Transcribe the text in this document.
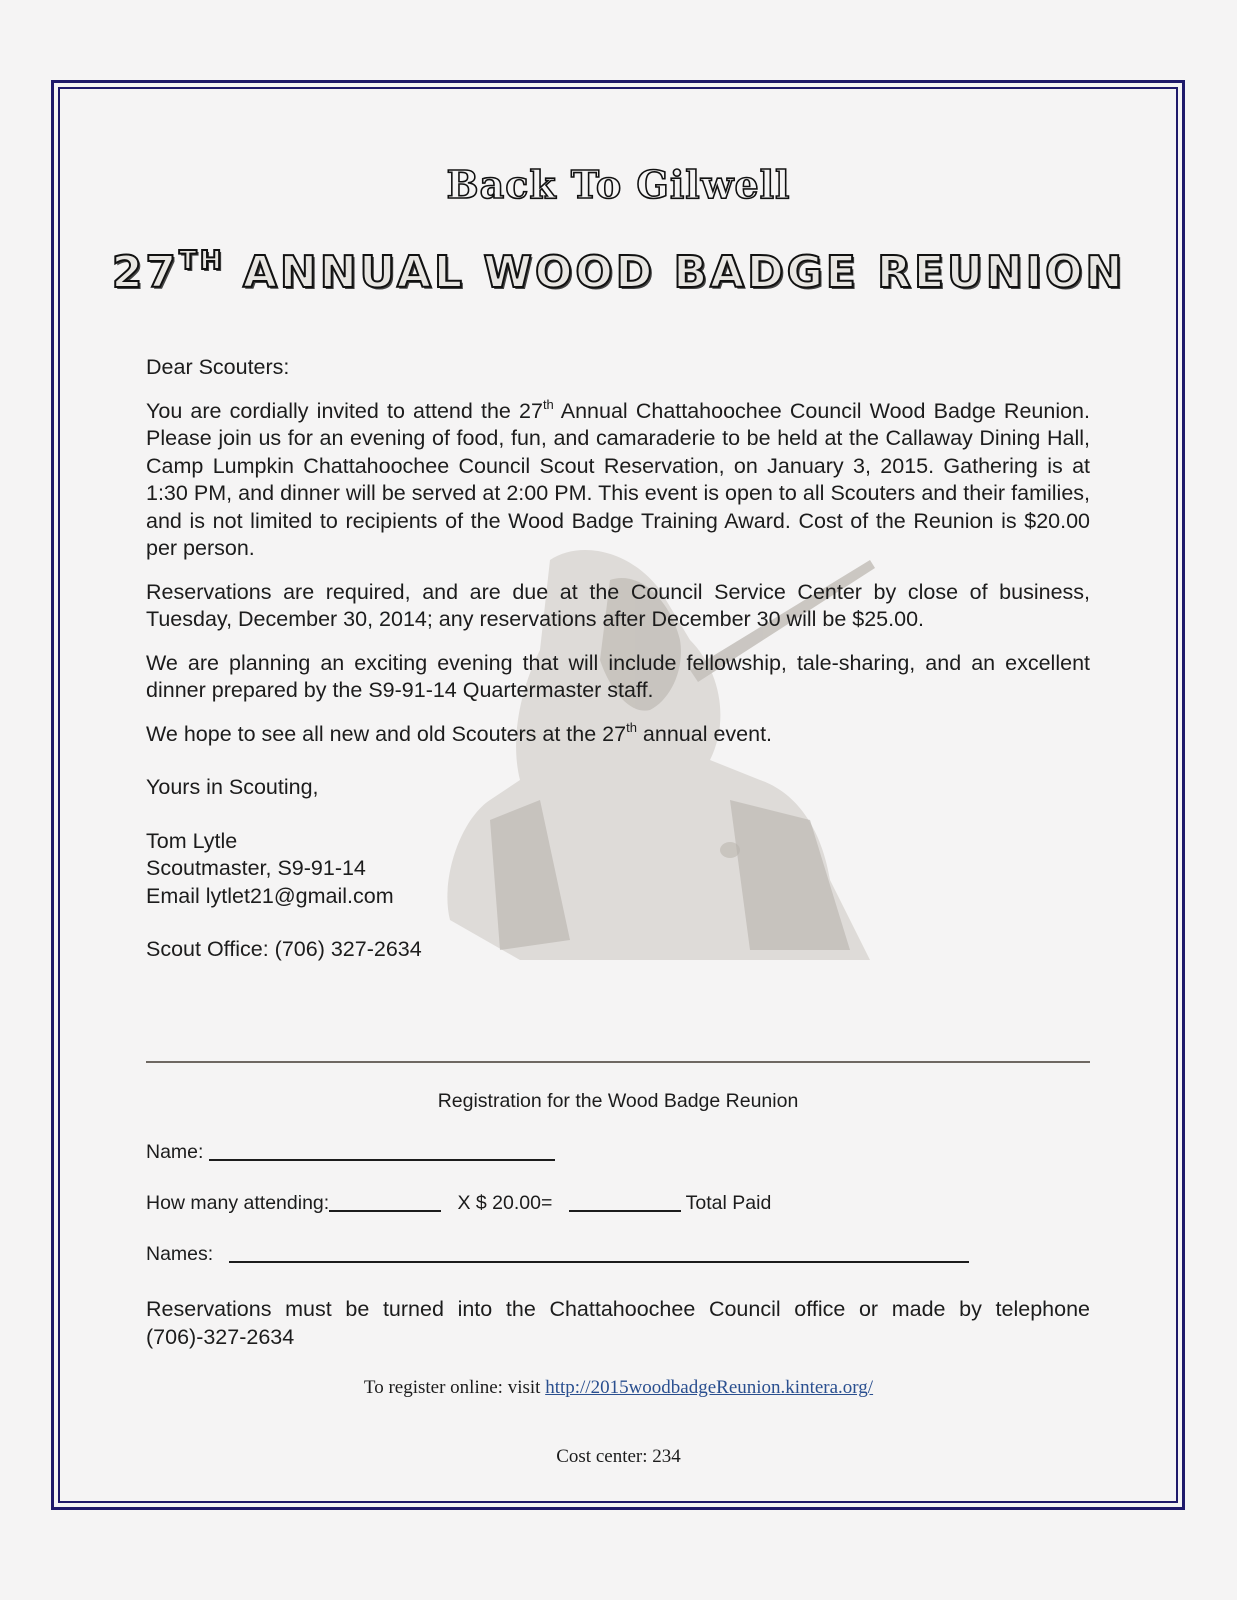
Back To Gilwell
27TH ANNUAL WOOD BADGE REUNION

Dear Scouters:

You are cordially invited to attend the 27th Annual Chattahoochee Council Wood Badge Reunion. Please join us for an evening of food, fun, and camaraderie to be held at the Callaway Dining Hall, Camp Lumpkin Chattahoochee Council Scout Reservation, on January 3, 2015. Gathering is at 1:30 PM, and dinner will be served at 2:00 PM. This event is open to all Scouters and their families, and is not limited to recipients of the Wood Badge Training Award. Cost of the Reunion is $20.00 per person.

Reservations are required, and are due at the Council Service Center by close of business, Tuesday, December 30, 2014; any reservations after December 30 will be $25.00.

We are planning an exciting evening that will include fellowship, tale-sharing, and an excellent dinner prepared by the S9-91-14 Quartermaster staff.

We hope to see all new and old Scouters at the 27th annual event.

Yours in Scouting,

Tom Lytle

Scoutmaster, S9-91-14

Email lytlet21@gmail.com

Scout Office: (706) 327-2634

Registration for the Wood Badge Reunion
Name:
How many attending:	X $ 20.00=	Total Paid
Names:
Reservations must be turned into the Chattahoochee Council office or made by telephone (706)-327-2634
To register online: visit http://2015woodbadgeReunion.kintera.org/
Cost center: 234
